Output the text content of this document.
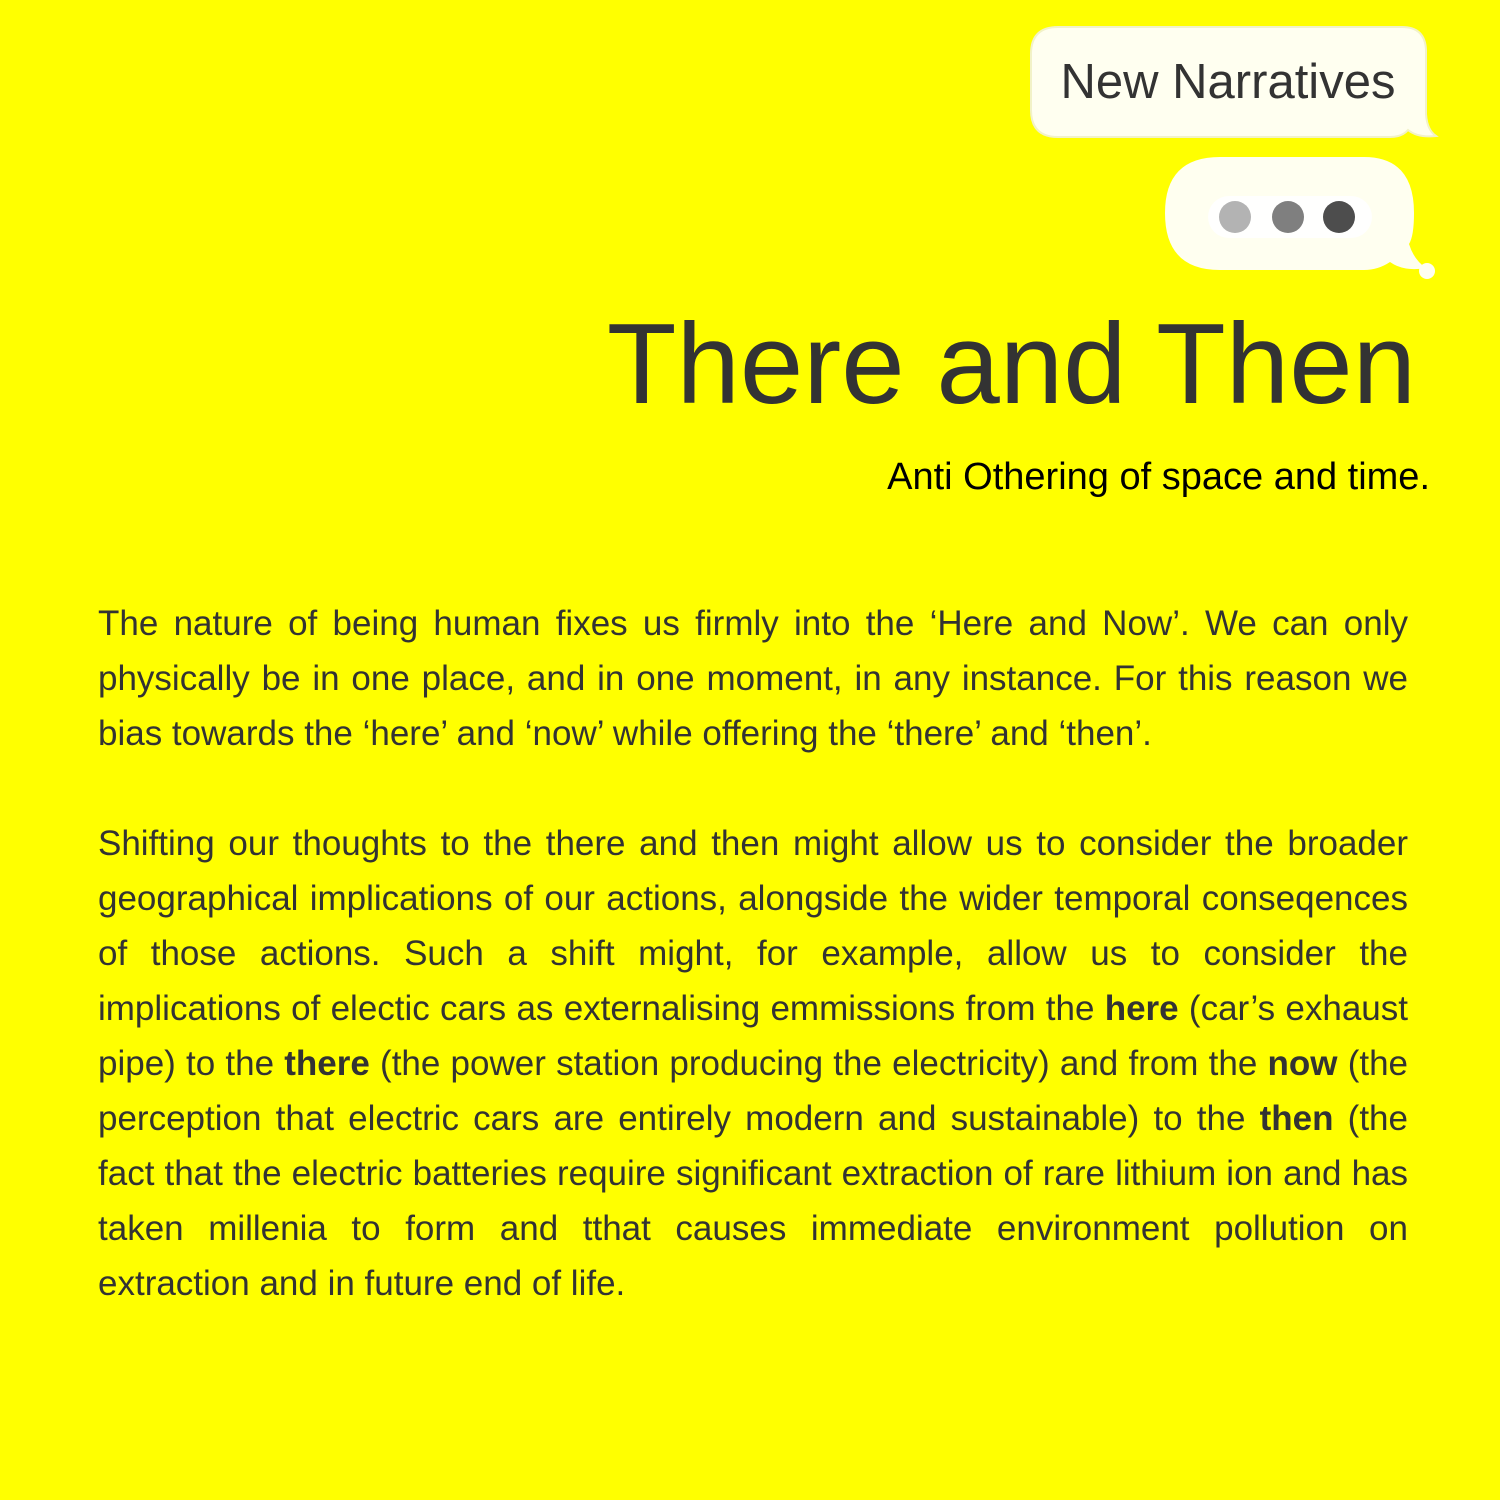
New Narratives
There and Then
Anti Othering of space and time.

The nature of being human fixes us firmly into the ‘Here and Now’. We can only physically be in one place, and in one moment, in any instance. For this reason we bias towards the ‘here’ and ‘now’ while offering the ‘there’ and ‘then’.

Shifting our thoughts to the there and then might allow us to consider the broader geographical implications of our actions, alongside the wider temporal conseqences of those actions. Such a shift might, for example, allow us to consider the implications of electic cars as externalising emmissions from the here (car’s exhaust pipe) to the there (the power station producing the electricity) and from the now (the perception that electric cars are entirely modern and sustainable) to the then (the fact that the electric batteries require significant extraction of rare lithium ion and has taken millenia to form and tthat causes immediate environment pollution on extraction and in future end of life.
